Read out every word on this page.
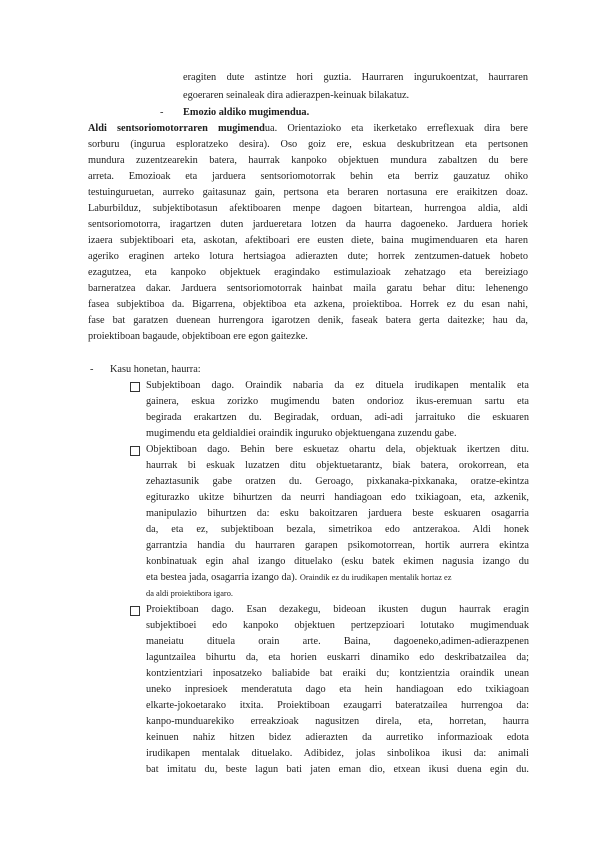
eragiten dute astintze hori guztia. Haurraren ingurukoentzat, haurraren
egoeraren seinaleak dira adierazpen-keinuak bilakatuz.
- Emozio aldiko mugimendua.
Aldi sentsoriomotorraren mugimendua. Orientazioko eta ikerketako erreflexuak dira bere
sorburu (ingurua esploratzeko desira). Oso goiz ere, eskua deskubritzean eta pertsonen
mundura zuzentzearekin batera, haurrak kanpoko objektuen mundura zabaltzen du bere
arreta. Emozioak eta jarduera sentsoriomotorrak behin eta berriz gauzatuz ohiko
testuinguruetan, aurreko gaitasunaz gain, pertsona eta beraren nortasuna ere eraikitzen doaz.
Laburbilduz, subjektibotasun afektiboaren menpe dagoen bitartean, hurrengoa aldia, aldi
sentsoriomotorra, iragartzen duten jardueretara lotzen da haurra dagoeneko. Jarduera horiek
izaera subjektiboari eta, askotan, afektiboari ere eusten diete, baina mugimenduaren eta haren
ageriko eraginen arteko lotura hertsiagoa adierazten dute; horrek zentzumen-datuek hobeto
ezagutzea, eta kanpoko objektuek eragindako estimulazioak zehatzago eta bereiziago
barneratzea dakar. Jarduera sentsoriomotorrak hainbat maila garatu behar ditu: lehenengo
fasea subjektiboa da. Bigarrena, objektiboa eta azkena, proiektiboa. Horrek ez du esan nahi,
fase bat garatzen duenean hurrengora igarotzen denik, faseak batera gerta daitezke; hau da,
proiektiboan bagaude, objektiboan ere egon gaitezke.
- Kasu honetan, haurra:
Subjektiboan dago. Oraindik nabaria da ez dituela irudikapen mentalik eta
gainera, eskua zorizko mugimendu baten ondorioz ikus-eremuan sartu eta
begirada erakartzen du. Begiradak, orduan, adi-adi jarraituko die eskuaren
mugimendu eta geldialdiei oraindik inguruko objektuengana zuzendu gabe.
Objektiboan dago. Behin bere eskuetaz ohartu dela, objektuak ikertzen ditu.
haurrak bi eskuak luzatzen ditu objektuetarantz, biak batera, orokorrean, eta
zehaztasunik gabe oratzen du. Geroago, pixkanaka-pixkanaka, oratze-ekintza
egiturazko ukitze bihurtzen da neurri handiagoan edo txikiagoan, eta, azkenik,
manipulazio bihurtzen da: esku bakoitzaren jarduera beste eskuaren osagarria
da, eta ez, subjektiboan bezala, simetrikoa edo antzerakoa. Aldi honek
garrantzia handia du haurraren garapen psikomotorrean, hortik aurrera ekintza
konbinatuak egin ahal izango dituelako (esku batek ekimen nagusia izango du
eta bestea jada, osagarria izango da). Oraindik ez du irudikapen mentalik hortaz ez
da aldi proiektibora igaro.
Proiektiboan dago. Esan dezakegu, bideoan ikusten dugun haurrak eragin
subjektiboei edo kanpoko objektuen pertzepzioari lotutako mugimenduak
maneiatu dituela orain arte. Baina, dagoeneko,adimen-adierazpenen
laguntzailea bihurtu da, eta horien euskarri dinamiko edo deskribatzailea da;
kontzientziari inposatzeko baliabide bat eraiki du; kontzientzia oraindik unean
uneko inpresioek menderatuta dago eta hein handiagoan edo txikiagoan
elkarte-jokoetarako itxita. Proiektiboan ezaugarri bateratzailea hurrengoa da:
kanpo-munduarekiko erreakzioak nagusitzen direla, eta, horretan, haurra
keinuen nahiz hitzen bidez adierazten da aurretiko informazioak edota
irudikapen mentalak dituelako. Adibidez, jolas sinbolikoa ikusi da: animali
bat imitatu du, beste lagun bati jaten eman dio, etxean ikusi duena egin du.
